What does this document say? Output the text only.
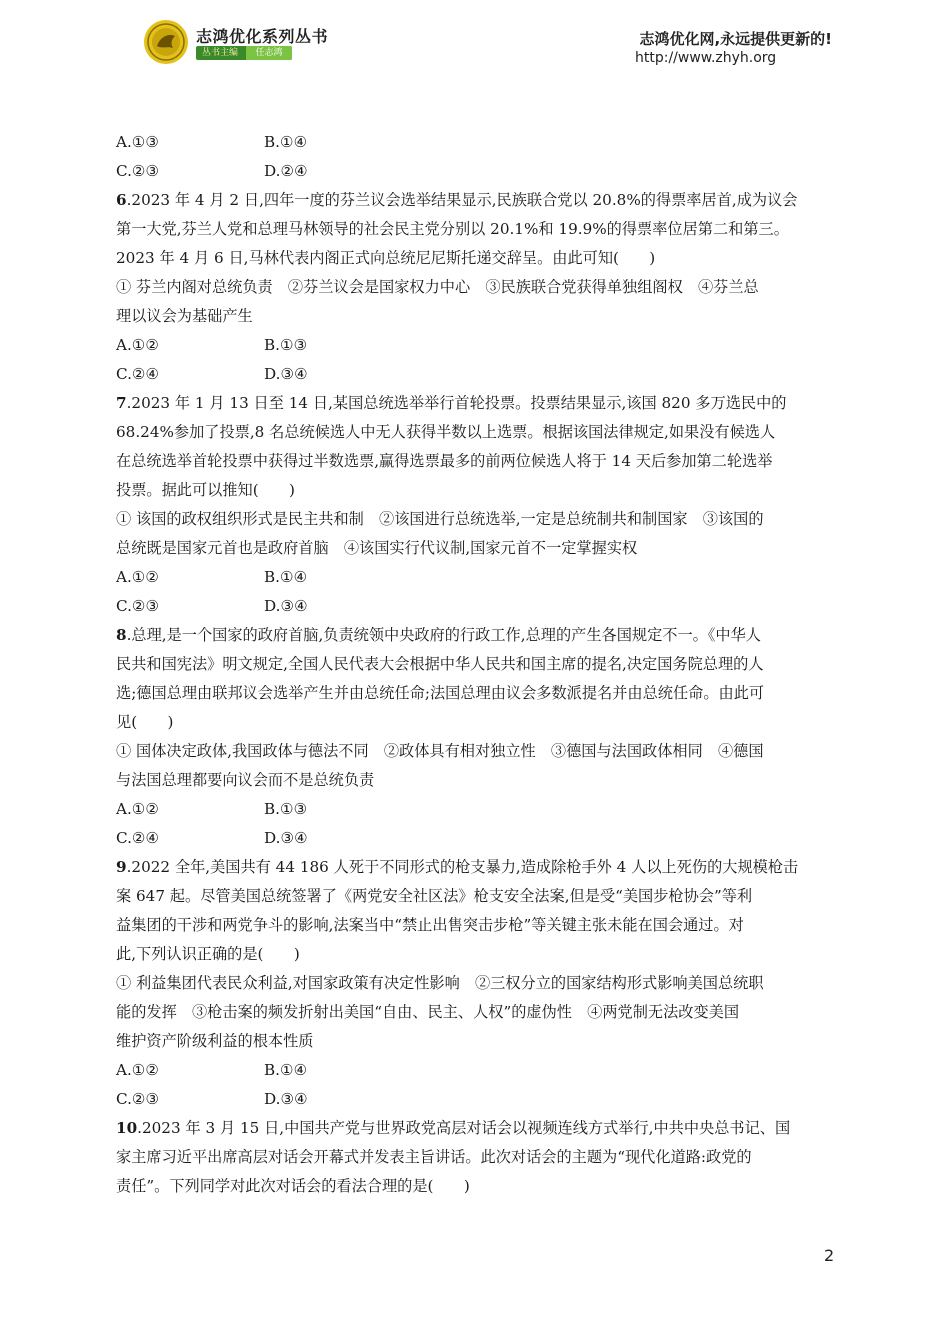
志鸿优化系列丛书
丛书主编	任志鸿
志鸿优化网,永远提供更新的!
http://www.zhyh.org
A.①③	B.①④
C.②③	D.②④
6.2023 年 4 月 2 日,四年一度的芬兰议会选举结果显示,民族联合党以 20.8%的得票率居首,成为议会
第一大党,芬兰人党和总理马林领导的社会民主党分别以 20.1%和 19.9%的得票率位居第二和第三。
2023 年 4 月 6 日,马林代表内阁正式向总统尼尼斯托递交辞呈。由此可知(　　)
① 芬兰内阁对总统负责　②芬兰议会是国家权力中心　③民族联合党获得单独组阁权　④芬兰总
理以议会为基础产生
A.①②	B.①③
C.②④	D.③④
7.2023 年 1 月 13 日至 14 日,某国总统选举举行首轮投票。投票结果显示,该国 820 多万选民中的
68.24%参加了投票,8 名总统候选人中无人获得半数以上选票。根据该国法律规定,如果没有候选人
在总统选举首轮投票中获得过半数选票,赢得选票最多的前两位候选人将于 14 天后参加第二轮选举
投票。据此可以推知(　　)
① 该国的政权组织形式是民主共和制　②该国进行总统选举,一定是总统制共和制国家　③该国的
总统既是国家元首也是政府首脑　④该国实行代议制,国家元首不一定掌握实权
A.①②	B.①④
C.②③	D.③④
8.总理,是一个国家的政府首脑,负责统领中央政府的行政工作,总理的产生各国规定不一。《中华人
民共和国宪法》明文规定,全国人民代表大会根据中华人民共和国主席的提名,决定国务院总理的人
选;德国总理由联邦议会选举产生并由总统任命;法国总理由议会多数派提名并由总统任命。由此可
见(　　)
① 国体决定政体,我国政体与德法不同　②政体具有相对独立性　③德国与法国政体相同　④德国
与法国总理都要向议会而不是总统负责
A.①②	B.①③
C.②④	D.③④
9.2022 全年,美国共有 44 186 人死于不同形式的枪支暴力,造成除枪手外 4 人以上死伤的大规模枪击
案 647 起。尽管美国总统签署了《两党安全社区法》枪支安全法案,但是受“美国步枪协会”等利
益集团的干涉和两党争斗的影响,法案当中“禁止出售突击步枪”等关键主张未能在国会通过。对
此,下列认识正确的是(　　)
① 利益集团代表民众利益,对国家政策有决定性影响　②三权分立的国家结构形式影响美国总统职
能的发挥　③枪击案的频发折射出美国“自由、民主、人权”的虚伪性　④两党制无法改变美国
维护资产阶级利益的根本性质
A.①②	B.①④
C.②③	D.③④
10.2023 年 3 月 15 日,中国共产党与世界政党高层对话会以视频连线方式举行,中共中央总书记、国
家主席习近平出席高层对话会开幕式并发表主旨讲话。此次对话会的主题为“现代化道路:政党的
责任”。下列同学对此次对话会的看法合理的是(　　)
2
